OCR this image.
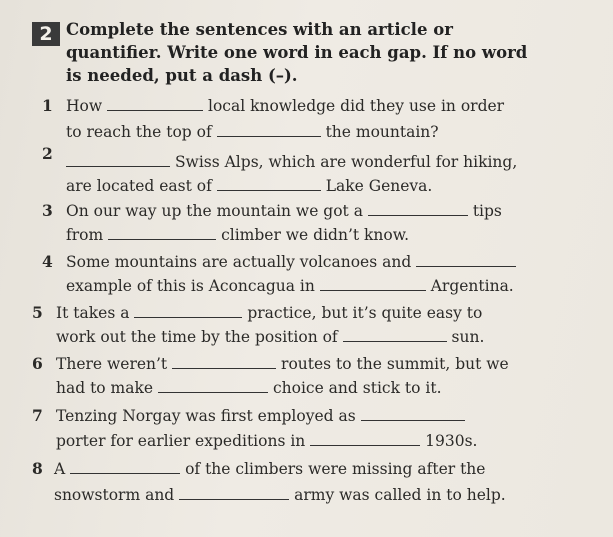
2 Complete the sentences with an article or quantifier. Write one word in each gap. If no word is needed, put a dash (–).
1 How	local knowledge did they use in order
to reach the top of	the mountain?
2	Swiss Alps, which are wonderful for hiking,
are located east of	Lake Geneva.
3 On our way up the mountain we got a	tips
from	climber we didn’t know.
4 Some mountains are actually volcanoes and
example of this is Aconcagua in	Argentina.
5 It takes a	practice, but it’s quite easy to
work out the time by the position of	sun.
6 There weren’t	routes to the summit, but we
had to make	choice and stick to it.
7 Tenzing Norgay was first employed as
porter for earlier expeditions in	1930s.
8 A	of the climbers were missing after the
snowstorm and	army was called in to help.
